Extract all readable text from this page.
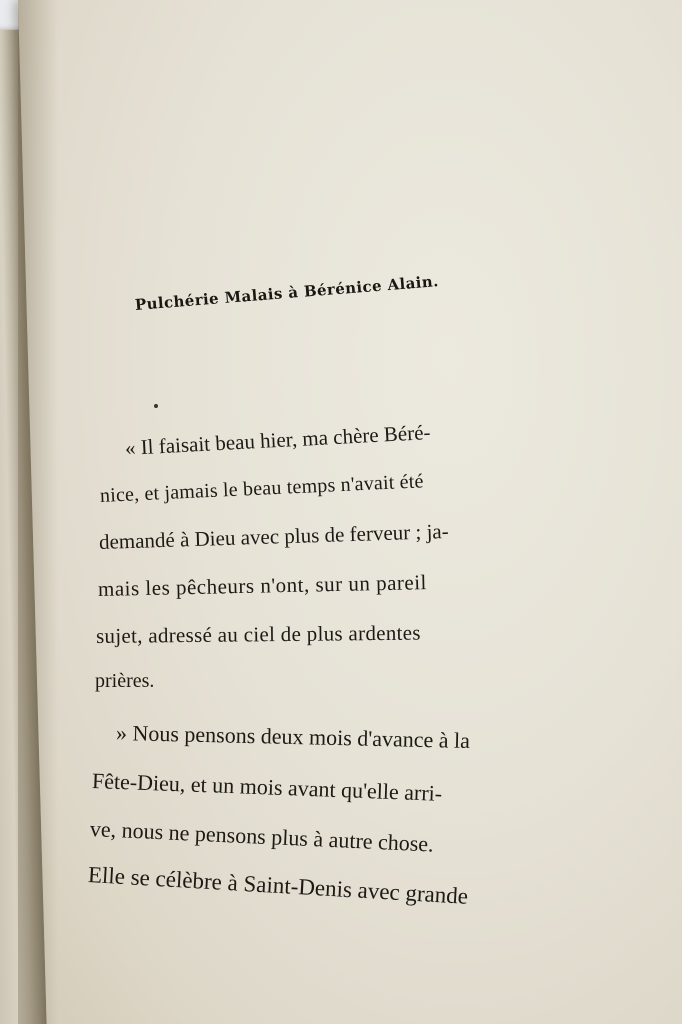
Pulchérie Malais à Bérénice Alain.
« Il faisait beau hier, ma chère Béré-
nice, et jamais le beau temps n'avait été
demandé à Dieu avec plus de ferveur ; ja-
mais les pêcheurs n'ont, sur un pareil
sujet, adressé au ciel de plus ardentes
prières.
» Nous pensons deux mois d'avance à la
Fête-Dieu, et un mois avant qu'elle arri-
ve, nous ne pensons plus à autre chose.
Elle se célèbre à Saint-Denis avec grande
